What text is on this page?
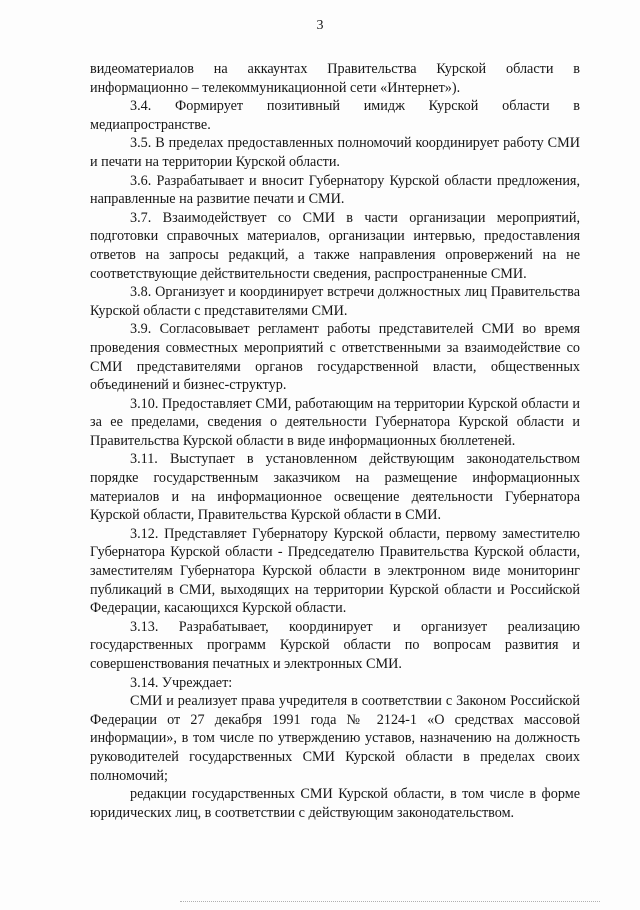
3

видеоматериалов на аккаунтах Правительства Курской области в информационно – телекоммуникационной сети «Интернет»).

3.4. Формирует позитивный имидж Курской области в медиапространстве.

3.5. В пределах предоставленных полномочий координирует работу СМИ и печати на территории Курской области.

3.6. Разрабатывает и вносит Губернатору Курской области предложения, направленные на развитие печати и СМИ.

3.7. Взаимодействует со СМИ в части организации мероприятий, подготовки справочных материалов, организации интервью, предоставления ответов на запросы редакций, а также направления опровержений на не соответствующие действительности сведения, распространенные СМИ.

3.8. Организует и координирует встречи должностных лиц Правительства Курской области с представителями СМИ.

3.9. Согласовывает регламент работы представителей СМИ во время проведения совместных мероприятий с ответственными за взаимодействие со СМИ представителями органов государственной власти, общественных объединений и бизнес-структур.

3.10. Предоставляет СМИ, работающим на территории Курской области и за ее пределами, сведения о деятельности Губернатора Курской области и Правительства Курской области в виде информационных бюллетеней.

3.11. Выступает в установленном действующим законодательством порядке государственным заказчиком на размещение информационных материалов и на информационное освещение деятельности Губернатора Курской области, Правительства Курской области в СМИ.

3.12. Представляет Губернатору Курской области, первому заместителю Губернатора Курской области - Председателю Правительства Курской области, заместителям Губернатора Курской области в электронном виде мониторинг публикаций в СМИ, выходящих на территории Курской области и Российской Федерации, касающихся Курской области.

3.13. Разрабатывает, координирует и организует реализацию государственных программ Курской области по вопросам развития и совершенствования печатных и электронных СМИ.

3.14. Учреждает:

СМИ и реализует права учредителя в соответствии с Законом Российской Федерации от 27 декабря 1991 года № 2124-1 «О средствах массовой информации», в том числе по утверждению уставов, назначению на должность руководителей государственных СМИ Курской области в пределах своих полномочий;

редакции государственных СМИ Курской области, в том числе в форме юридических лиц, в соответствии с действующим законодательством.
